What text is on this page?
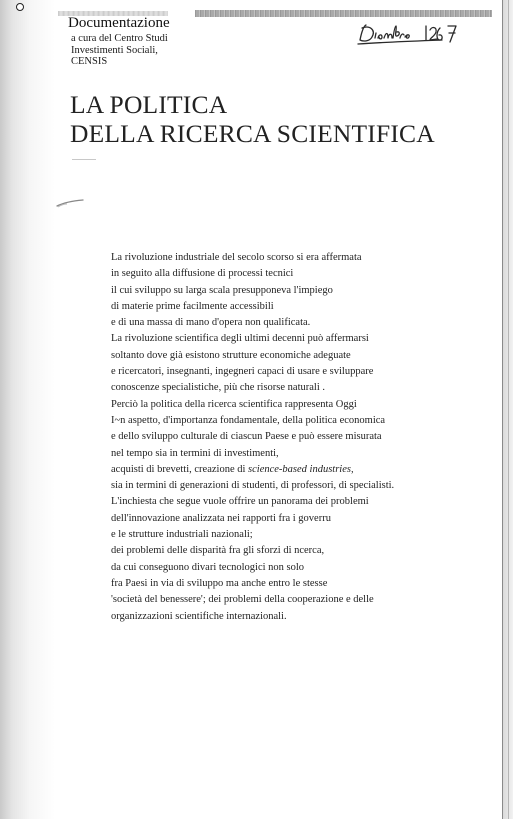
Documentazione
a cura del Centro Studi
Investimenti Sociali,
CENSIS
LA POLITICA
DELLA RICERCA SCIENTIFICA
La rivoluzione industriale del secolo scorso si era affermata
in seguito alla diffusione di processi tecnici
il cui sviluppo su larga scala presupponeva l'impiego
di materie prime facilmente accessibili
e di una massa di mano d'opera non qualificata.
La rivoluzione scientifica degli ultimi decenni può affermarsi
soltanto dove già esistono strutture economiche adeguate
e ricercatori, insegnanti, ingegneri capaci di usare e sviluppare
conoscenze specialistiche, più che risorse naturali .
Perciò la politica della ricerca scientifica rappresenta Oggi
I~n aspetto, d'importanza fondamentale, della politica economica
e dello sviluppo culturale di ciascun Paese e può essere misurata
nel tempo sia in termini di investimenti,
acquisti di brevetti, creazione di science-based industries,
sia in termini di generazioni di studenti, di professori, di specialisti.
L'inchiesta che segue vuole offrire un panorama dei problemi
dell'innovazione analizzata nei rapporti fra i goverru
e le strutture industriali nazionali;
dei problemi delle disparità fra gli sforzi di ncerca,
da cui conseguono divari tecnologici non solo
fra Paesi in via di sviluppo ma anche entro le stesse
'società del benessere'; dei problemi della cooperazione e delle
organizzazioni scientifiche internazionali.
